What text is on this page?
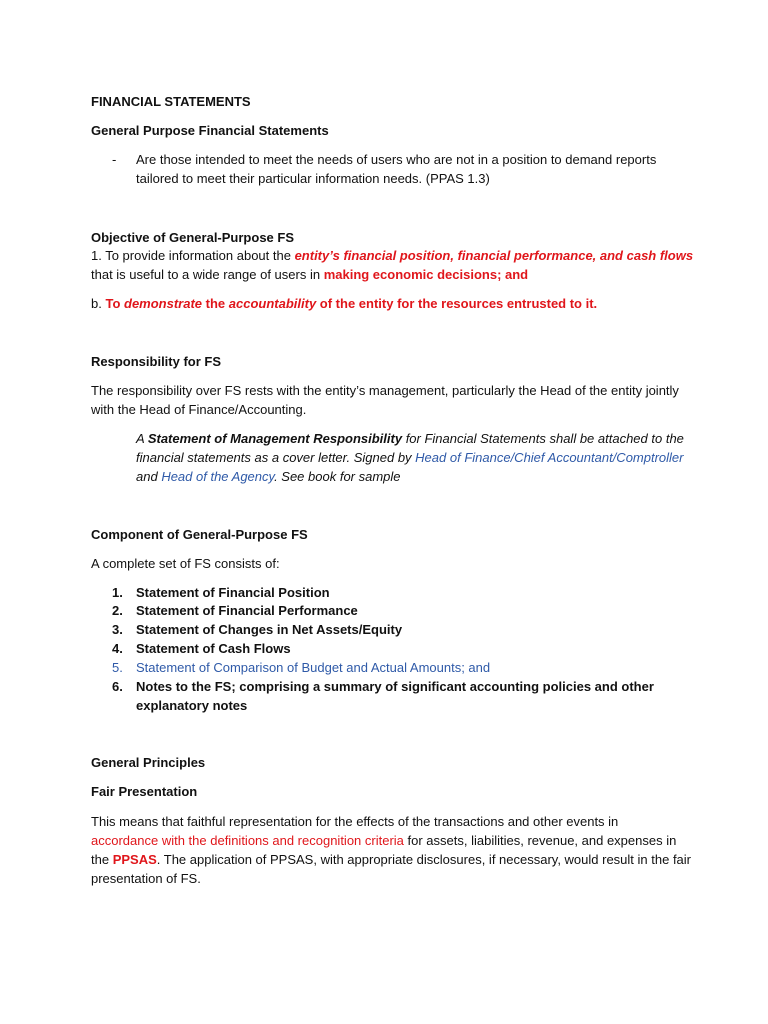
FINANCIAL STATEMENTS
General Purpose Financial Statements
- Are those intended to meet the needs of users who are not in a position to demand reports
tailored to meet their particular information needs. (PPAS 1.3)
Objective of General-Purpose FS
1. To provide information about the entity’s financial position, financial performance, and cash flows
that is useful to a wide range of users in making economic decisions; and
b. To demonstrate the accountability of the entity for the resources entrusted to it.
Responsibility for FS
The responsibility over FS rests with the entity’s management, particularly the Head of the entity jointly
with the Head of Finance/Accounting.
A Statement of Management Responsibility for Financial Statements shall be attached to the
financial statements as a cover letter. Signed by Head of Finance/Chief Accountant/Comptroller
and Head of the Agency. See book for sample
Component of General-Purpose FS
A complete set of FS consists of:
1. Statement of Financial Position
2. Statement of Financial Performance
3. Statement of Changes in Net Assets/Equity
4. Statement of Cash Flows
5. Statement of Comparison of Budget and Actual Amounts; and
6. Notes to the FS; comprising a summary of significant accounting policies and other
explanatory notes
General Principles
Fair Presentation
This means that faithful representation for the effects of the transactions and other events in
accordance with the definitions and recognition criteria for assets, liabilities, revenue, and expenses in
the PPSAS. The application of PPSAS, with appropriate disclosures, if necessary, would result in the fair
presentation of FS.
